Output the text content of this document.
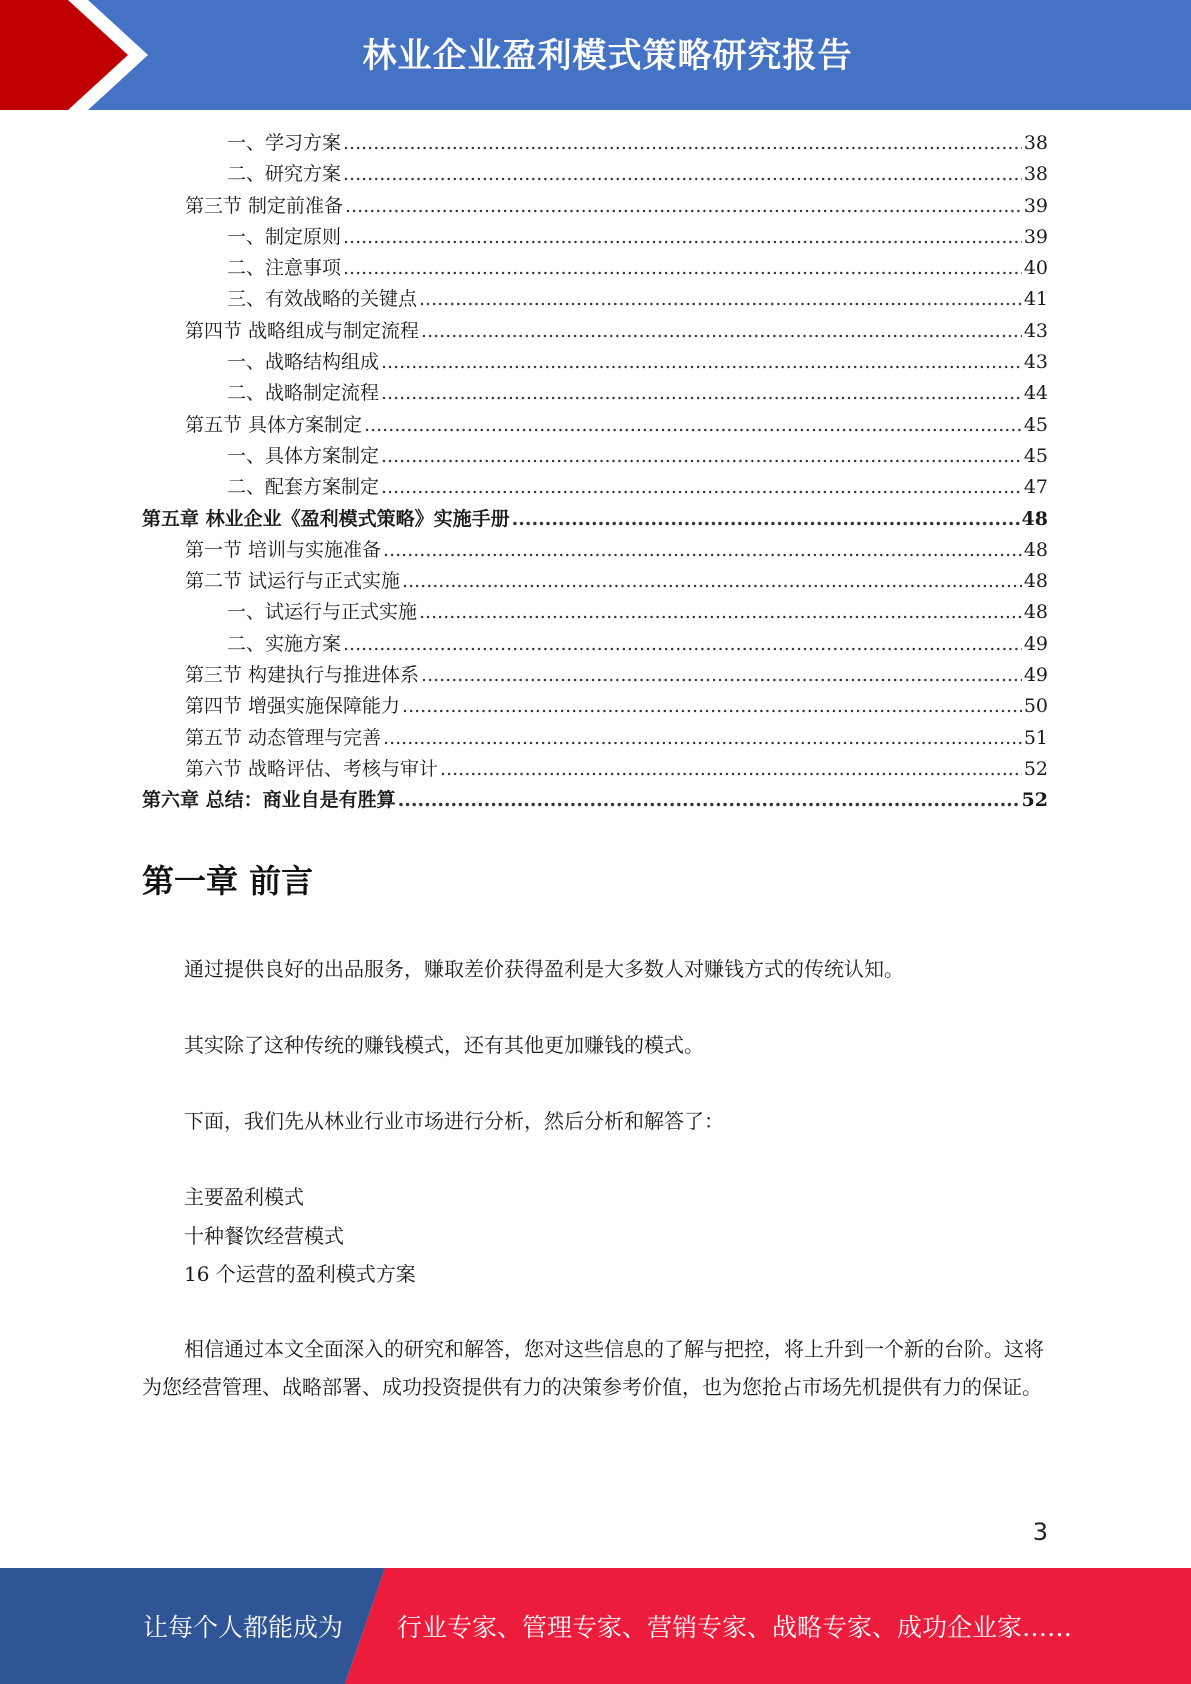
林业企业盈利模式策略研究报告
一、学习方案 .....	38
二、研究方案 .....	38
第三节 制定前准备 .....	39
一、制定原则 .....	39
二、注意事项 .....	40
三、有效战略的关键点 .....	41
第四节 战略组成与制定流程 .....	43
一、战略结构组成 .....	43
二、战略制定流程 .....	44
第五节 具体方案制定 .....	45
一、具体方案制定 .....	45
二、配套方案制定 .....	47
第五章 林业企业《盈利模式策略》实施手册 .....	48
第一节 培训与实施准备 .....	48
第二节 试运行与正式实施 .....	48
一、试运行与正式实施 .....	48
二、实施方案 .....	49
第三节 构建执行与推进体系 .....	49
第四节 增强实施保障能力 .....	50
第五节 动态管理与完善 .....	51
第六节 战略评估、考核与审计 .....	52
第六章 总结：商业自是有胜算 .....	52
第一章 前言

通过提供良好的出品服务，赚取差价获得盈利是大多数人对赚钱方式的传统认知。

其实除了这种传统的赚钱模式，还有其他更加赚钱的模式。

下面，我们先从林业行业市场进行分析，然后分析和解答了：

主要盈利模式
十种餐饮经营模式
16 个运营的盈利模式方案

相信通过本文全面深入的研究和解答，您对这些信息的了解与把控，将上升到一个新的台阶。这将为您经营管理、战略部署、成功投资提供有力的决策参考价值，也为您抢占市场先机提供有力的保证。

3
让每个人都能成为 行业专家、管理专家、营销专家、战略专家、成功企业家……
